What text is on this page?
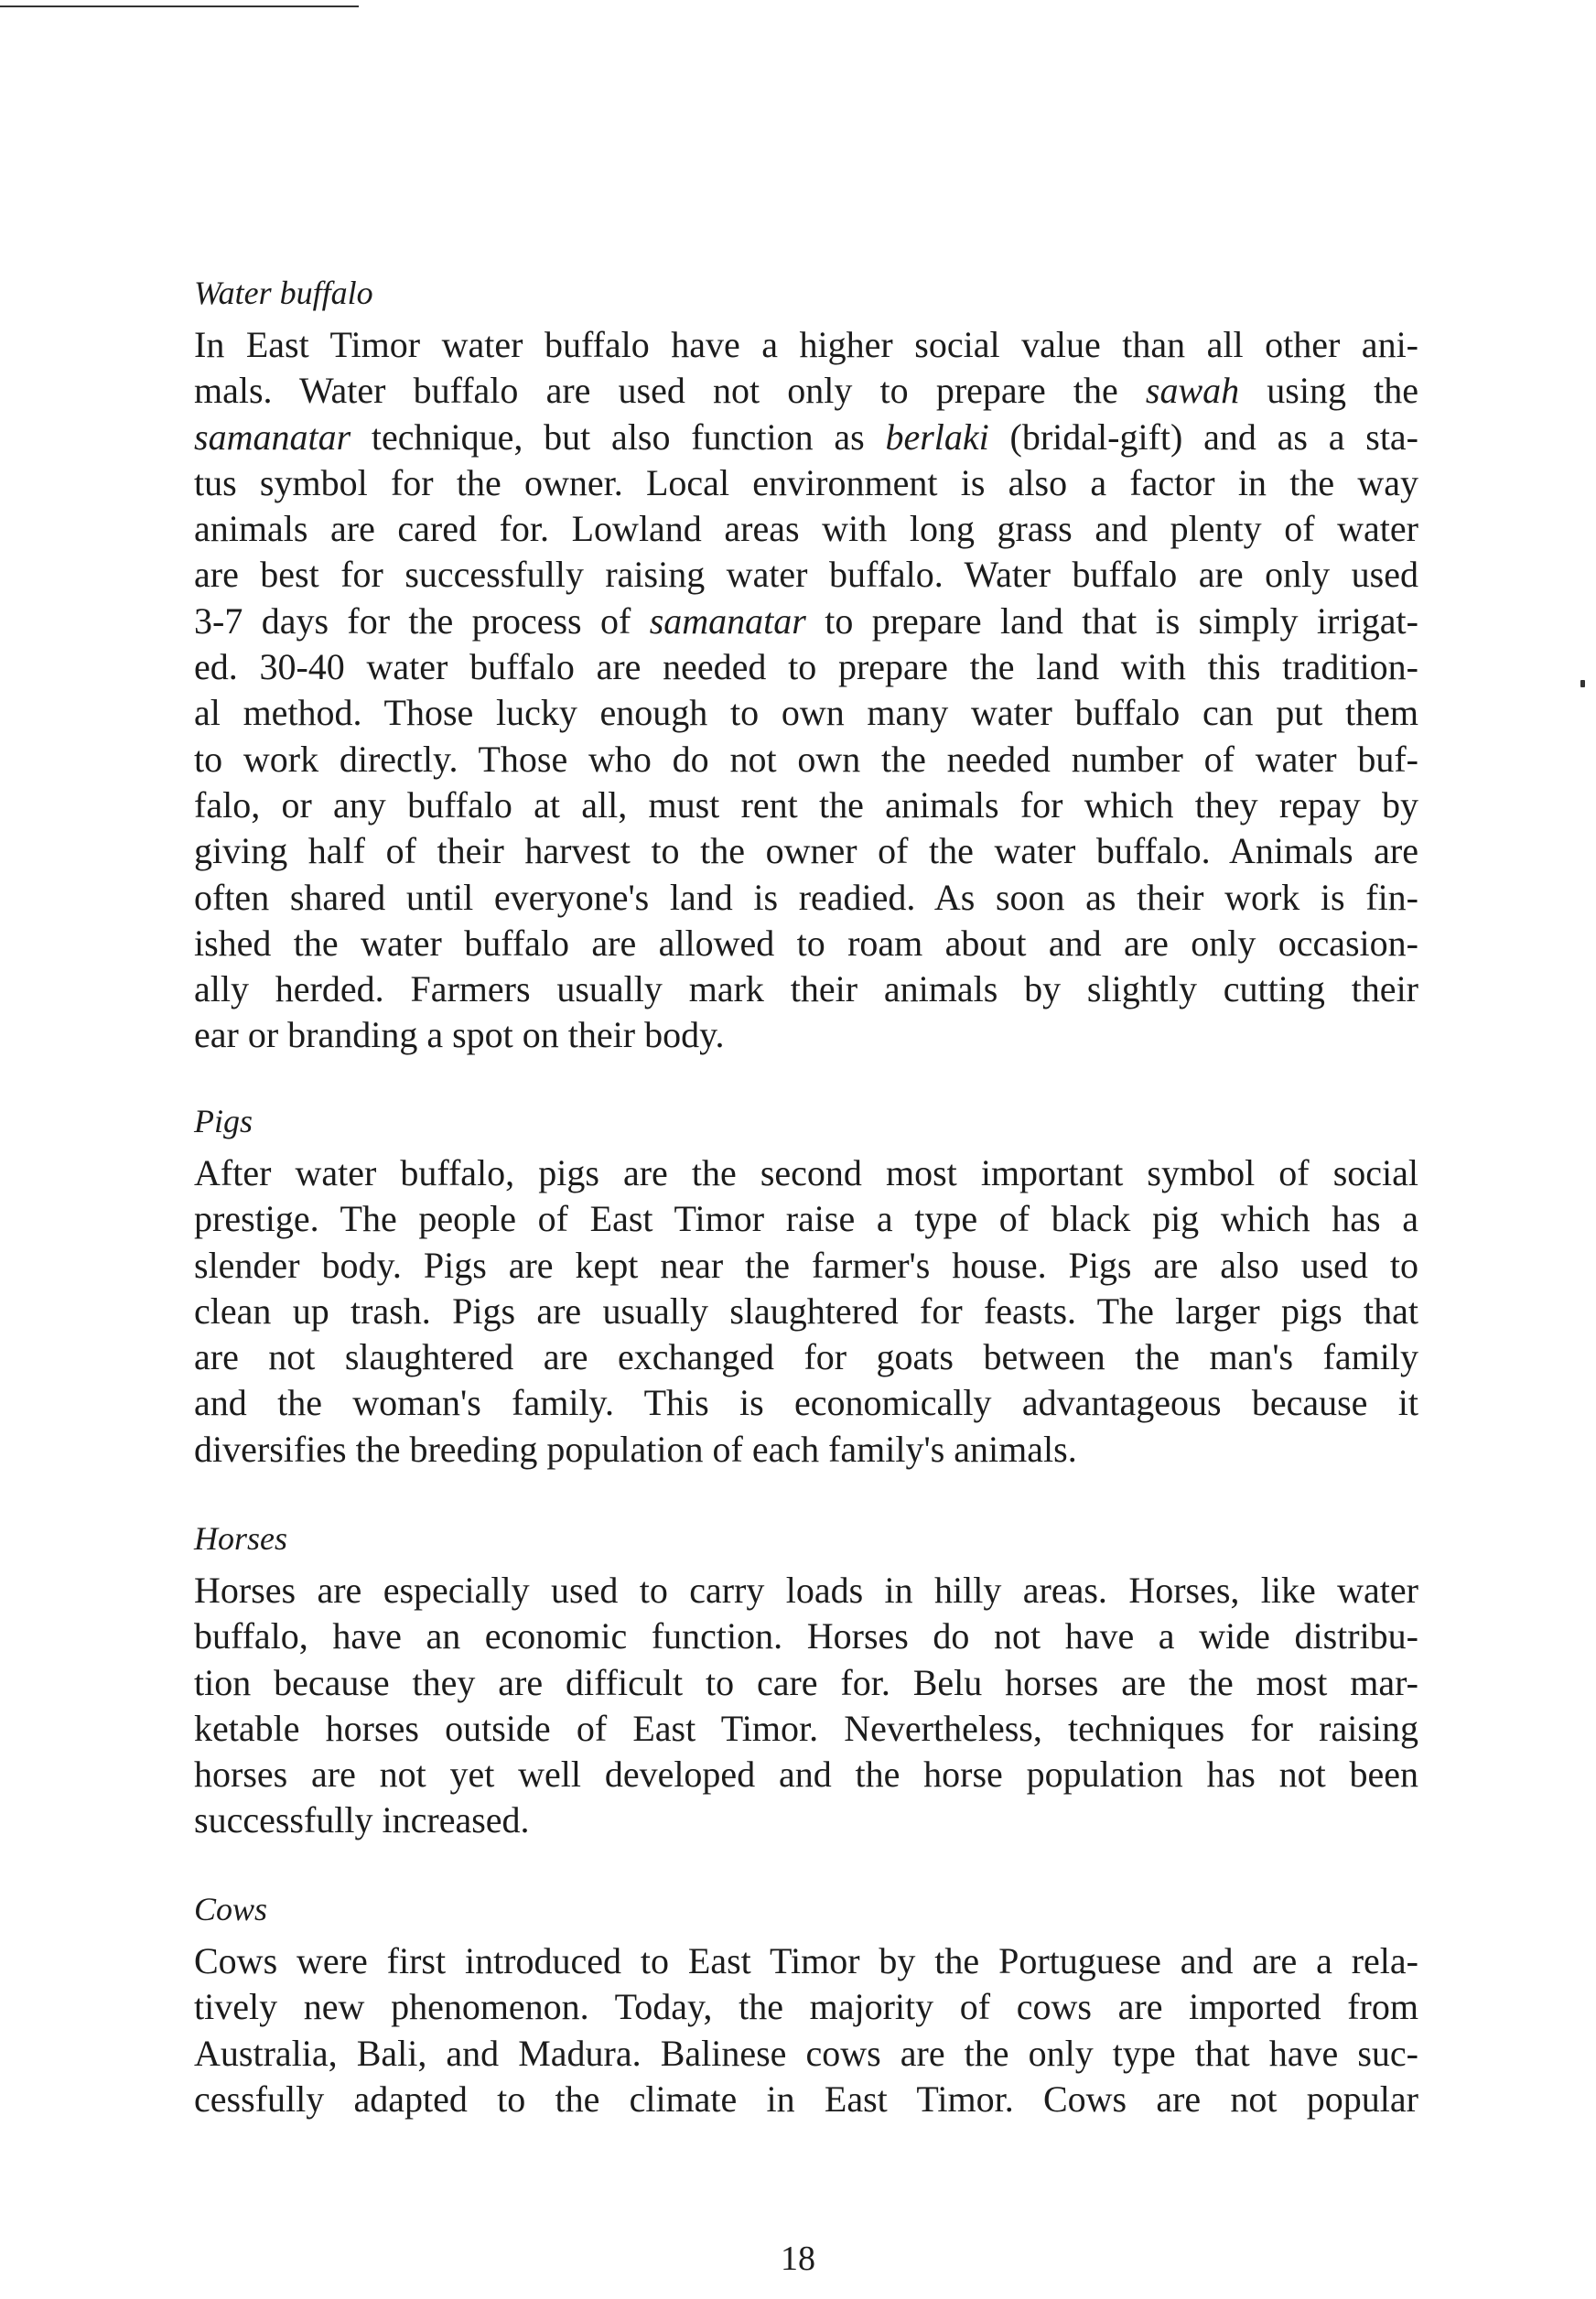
Water buffalo
In East Timor water buffalo have a higher social value than all other ani-
mals. Water buffalo are used not only to prepare the sawah using the
samanatar technique, but also function as berlaki (bridal-gift) and as a sta-
tus symbol for the owner. Local environment is also a factor in the way
animals are cared for. Lowland areas with long grass and plenty of water
are best for successfully raising water buffalo. Water buffalo are only used
3-7 days for the process of samanatar to prepare land that is simply irrigat-
ed. 30-40 water buffalo are needed to prepare the land with this tradition-
al method. Those lucky enough to own many water buffalo can put them
to work directly. Those who do not own the needed number of water buf-
falo, or any buffalo at all, must rent the animals for which they repay by
giving half of their harvest to the owner of the water buffalo. Animals are
often shared until everyone's land is readied. As soon as their work is fin-
ished the water buffalo are allowed to roam about and are only occasion-
ally herded. Farmers usually mark their animals by slightly cutting their
ear or branding a spot on their body.
Pigs
After water buffalo, pigs are the second most important symbol of social
prestige. The people of East Timor raise a type of black pig which has a
slender body. Pigs are kept near the farmer's house. Pigs are also used to
clean up trash. Pigs are usually slaughtered for feasts. The larger pigs that
are not slaughtered are exchanged for goats between the man's family
and the woman's family. This is economically advantageous because it
diversifies the breeding population of each family's animals.
Horses
Horses are especially used to carry loads in hilly areas. Horses, like water
buffalo, have an economic function. Horses do not have a wide distribu-
tion because they are difficult to care for. Belu horses are the most mar-
ketable horses outside of East Timor. Nevertheless, techniques for raising
horses are not yet well developed and the horse population has not been
successfully increased.
Cows
Cows were first introduced to East Timor by the Portuguese and are a rela-
tively new phenomenon. Today, the majority of cows are imported from
Australia, Bali, and Madura. Balinese cows are the only type that have suc-
cessfully adapted to the climate in East Timor. Cows are not popular
18
